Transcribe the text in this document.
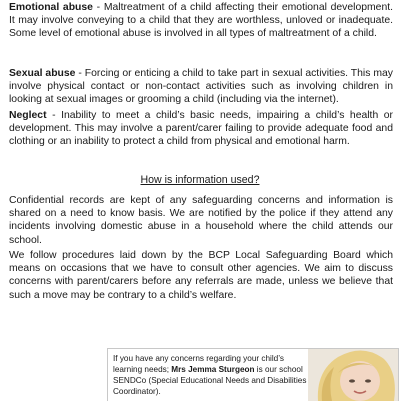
Emotional abuse - Maltreatment of a child affecting their emotional development. It may involve conveying to a child that they are worthless, unloved or inadequate. Some level of emotional abuse is involved in all types of maltreatment of a child.

Sexual abuse - Forcing or enticing a child to take part in sexual activities. This may involve physical contact or non-contact activities such as involving children in looking at sexual images or grooming a child (including via the internet).

Neglect - Inability to meet a child’s basic needs, impairing a child’s health or development. This may involve a parent/carer failing to provide adequate food and clothing or an inability to protect a child from physical and emotional harm.

How is information used?

Confidential records are kept of any safeguarding concerns and information is shared on a need to know basis. We are notified by the police if they attend any incidents involving domestic abuse in a household where the child attends our school.

We follow procedures laid down by the BCP Local Safeguarding Board which means on occasions that we have to consult other agencies. We aim to discuss concerns with parent/carers before any referrals are made, unless we believe that such a move may be contrary to a child’s welfare.

If you have any concerns regarding your child’s learning needs; Mrs Jemma Sturgeon is our school SENDCo (Special Educational Needs and Disabilities Coordinator).
